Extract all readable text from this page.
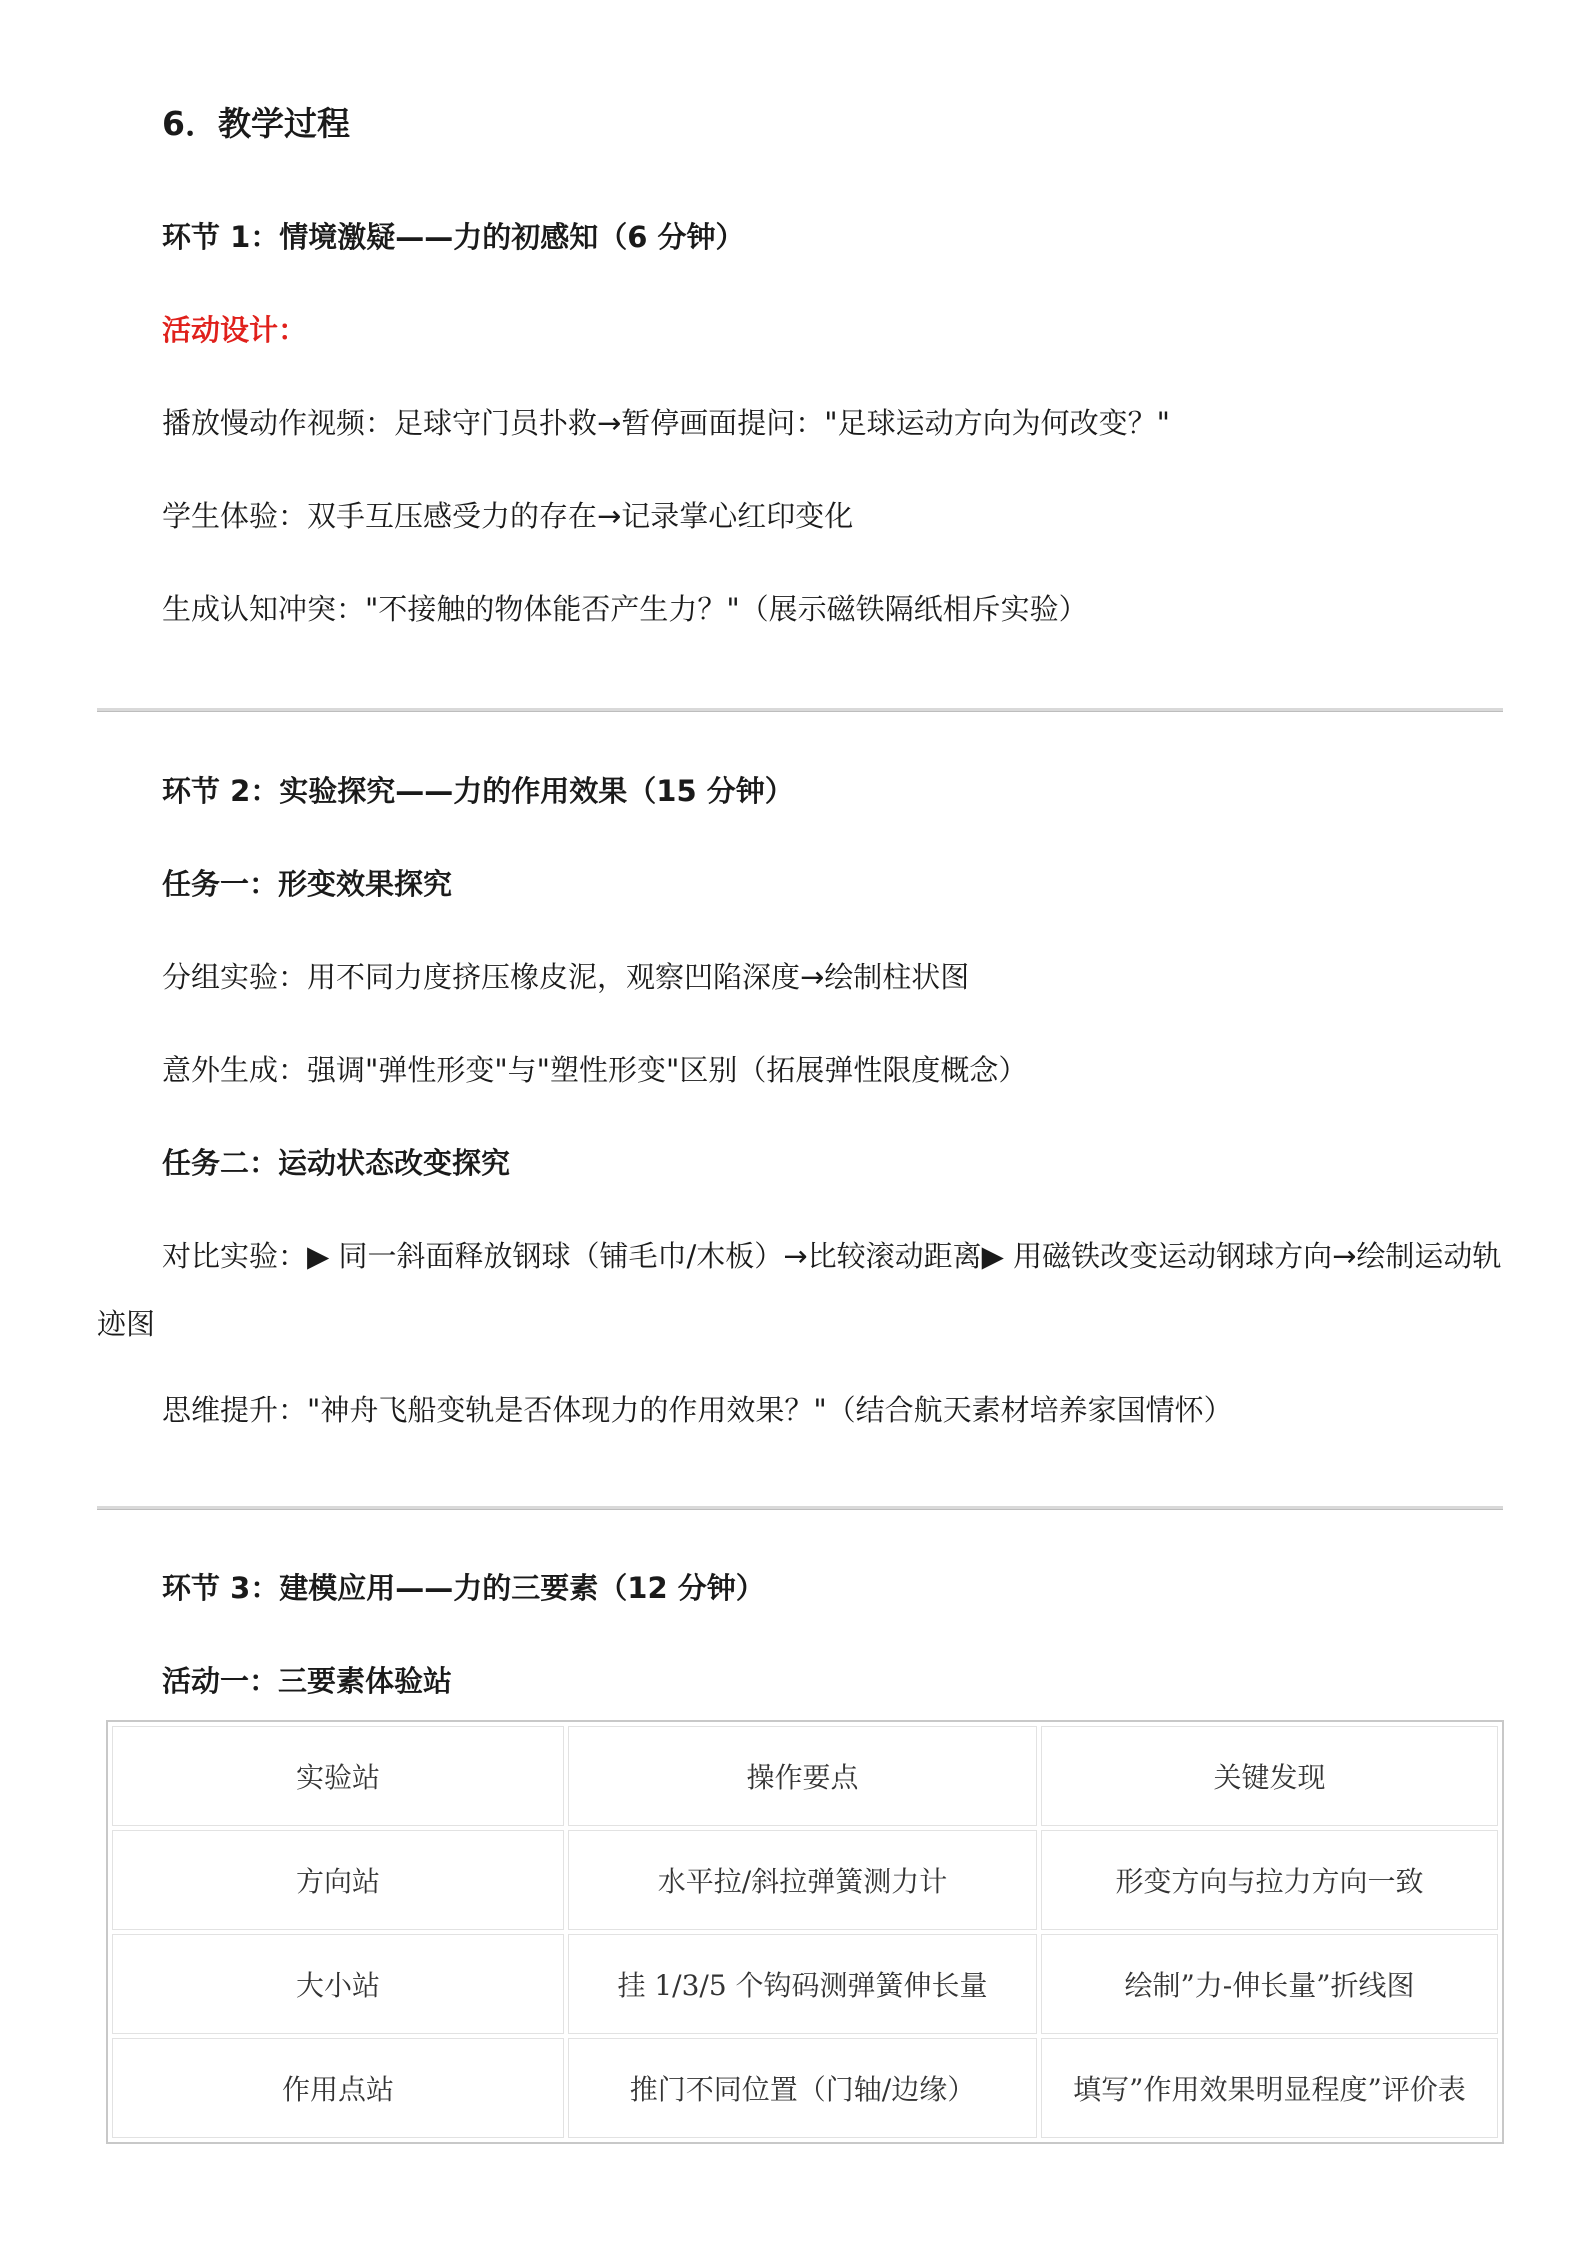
6．教学过程

环节 1：情境激疑——力的初感知（6 分钟）

活动设计：

播放慢动作视频：足球守门员扑救→暂停画面提问："足球运动方向为何改变？"

学生体验：双手互压感受力的存在→记录掌心红印变化

生成认知冲突："不接触的物体能否产生力？"（展示磁铁隔纸相斥实验）

环节 2：实验探究——力的作用效果（15 分钟）

任务一：形变效果探究

分组实验：用不同力度挤压橡皮泥，观察凹陷深度→绘制柱状图

意外生成：强调"弹性形变"与"塑性形变"区别（拓展弹性限度概念）

任务二：运动状态改变探究

对比实验：▶ 同一斜面释放钢球（铺毛巾/木板）→比较滚动距离▶ 用磁铁改变运动钢球方向→绘制运动轨迹图

思维提升："神舟飞船变轨是否体现力的作用效果？"（结合航天素材培养家国情怀）

环节 3：建模应用——力的三要素（12 分钟）

活动一：三要素体验站

实验站	操作要点	关键发现
方向站	水平拉/斜拉弹簧测力计	形变方向与拉力方向一致
大小站	挂 1/3/5 个钩码测弹簧伸长量	绘制”力-伸长量”折线图
作用点站	推门不同位置（门轴/边缘）	填写”作用效果明显程度”评价表
